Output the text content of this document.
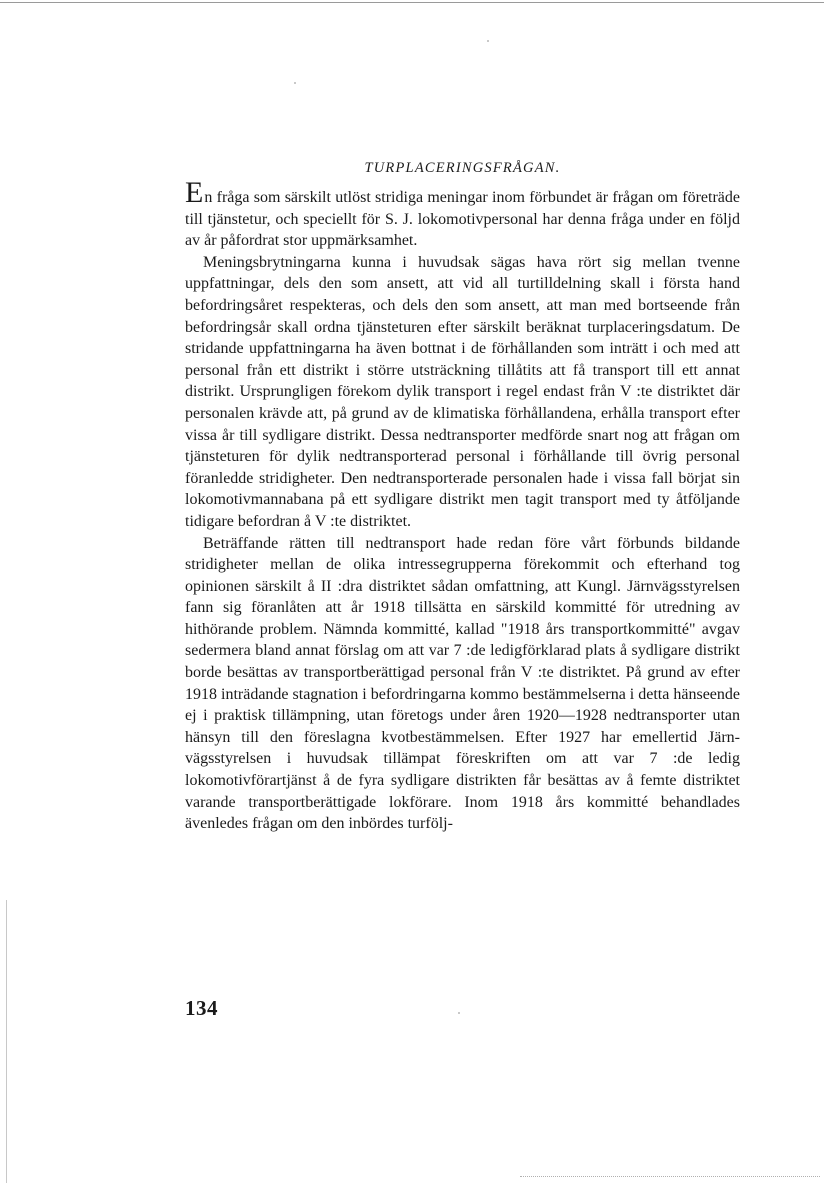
TURPLACERINGSFRÅGAN.

En fråga som särskilt utlöst stridiga meningar inom förbundet är frågan om företräde till tjänstetur, och speciellt för S. J. lokomotivpersonal har denna fråga under en följd av år påfordrat stor uppmärksamhet.

Meningsbrytningarna kunna i huvudsak sägas hava rört sig mellan tvenne uppfattningar, dels den som ansett, att vid all turtilldelning skall i första hand befordringsåret respekteras, och dels den som ansett, att man med bortseende från befordringsår skall ordna tjänsteturen efter särskilt beräknat turplaceringsdatum. De stridande uppfattningarna ha även bottnat i de förhållanden som inträtt i och med att personal från ett distrikt i större utsträckning tillåtits att få transport till ett annat distrikt. Ursprungligen förekom dylik transport i regel endast från V :te distriktet där personalen krävde att, på grund av de klimatiska förhållandena, erhålla transport efter vissa år till sydligare distrikt. Dessa nedtransporter medförde snart nog att frågan om tjänsteturen för dylik nedtransporterad personal i förhållande till övrig personal föranledde stridigheter. Den nedtransporterade personalen hade i vissa fall börjat sin lokomotivmannabana på ett sydligare distrikt men tagit transport med ty åtföljande tidigare befordran å V :te distriktet.

Beträffande rätten till nedtransport hade redan före vårt förbunds bildande stridigheter mellan de olika intressegrupperna förekommit och efterhand tog opinionen särskilt å II :dra distriktet sådan omfattning, att Kungl. Järnvägsstyrelsen fann sig föranlåten att år 1918 tillsätta en särskild kommitté för utredning av hithörande problem. Nämnda kommitté, kallad "1918 års transportkommitté" avgav sedermera bland annat förslag om att var 7 :de ledigförklarad plats å sydligare distrikt borde besättas av transportberättigad personal från V :te distriktet. På grund av efter 1918 inträdande stagnation i befordringarna kommo bestämmelserna i detta hänseende ej i praktisk tillämpning, utan företogs under åren 1920—1928 nedtransporter utan hänsyn till den föreslagna kvotbestämmelsen. Efter 1927 har emellertid Järnvägsstyrelsen i huvudsak tillämpat föreskriften om att var 7 :de ledig lokomotivförartjänst å de fyra sydligare distrikten får besättas av å femte distriktet varande transportberättigade lokförare. Inom 1918 års kommitté behandlades ävenledes frågan om den inbördes turfölj-

134
